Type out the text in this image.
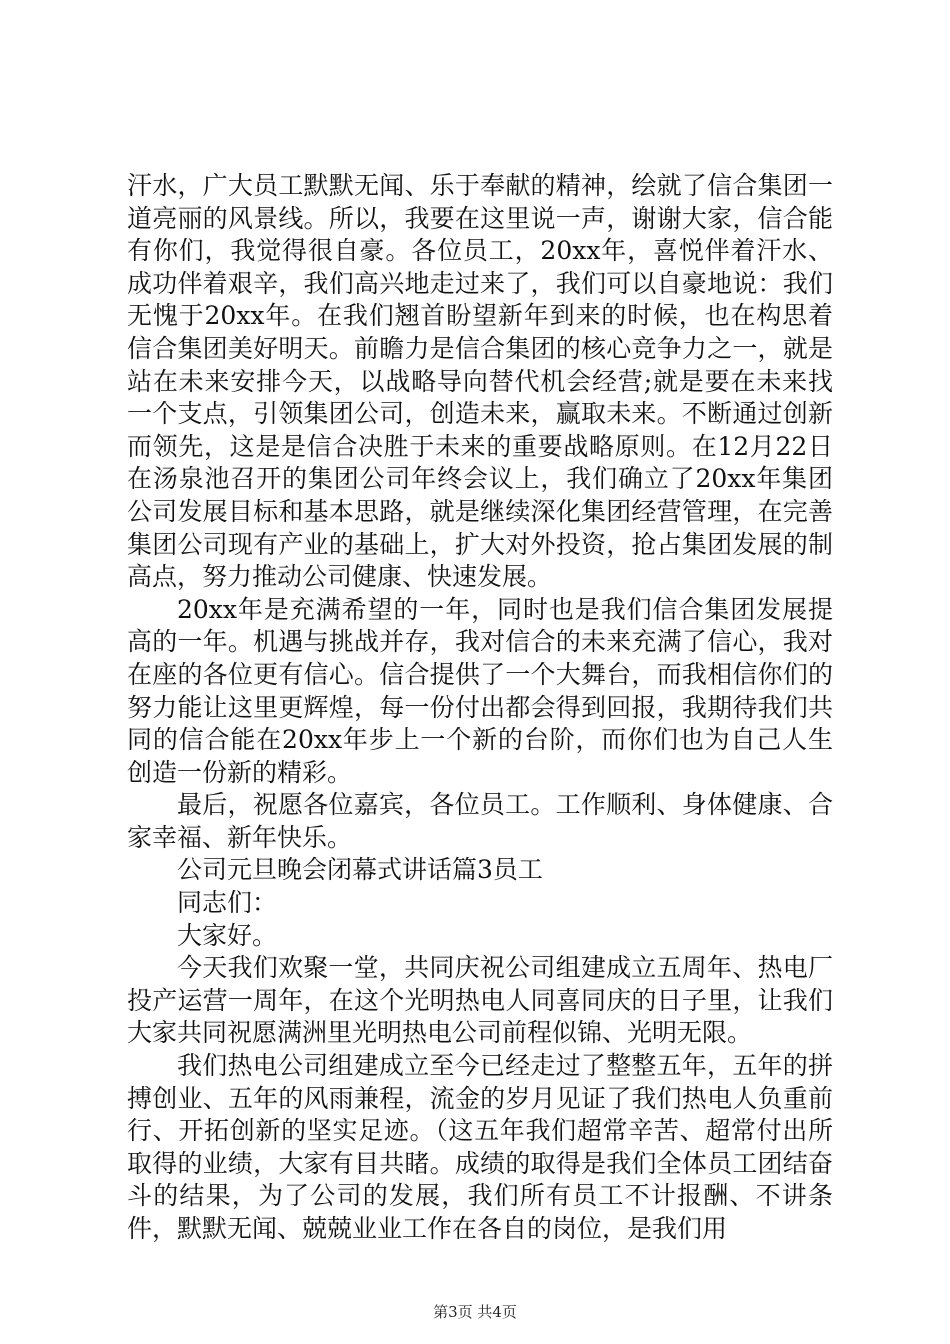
汗水，广大员工默默无闻、乐于奉献的精神，绘就了信合集团一道亮丽的风景线。所以，我要在这里说一声，谢谢大家，信合能有你们，我觉得很自豪。各位员工，20xx年，喜悦伴着汗水、成功伴着艰辛，我们高兴地走过来了，我们可以自豪地说：我们无愧于20xx年。在我们翘首盼望新年到来的时候，也在构思着信合集团美好明天。前瞻力是信合集团的核心竞争力之一，就是站在未来安排今天，以战略导向替代机会经营;就是要在未来找一个支点，引领集团公司，创造未来，赢取未来。不断通过创新而领先，这是是信合决胜于未来的重要战略原则。在12月22日在汤泉池召开的集团公司年终会议上，我们确立了20xx年集团公司发展目标和基本思路，就是继续深化集团经营管理，在完善集团公司现有产业的基础上，扩大对外投资，抢占集团发展的制高点，努力推动公司健康、快速发展。

20xx年是充满希望的一年，同时也是我们信合集团发展提高的一年。机遇与挑战并存，我对信合的未来充满了信心，我对在座的各位更有信心。信合提供了一个大舞台，而我相信你们的努力能让这里更辉煌，每一份付出都会得到回报，我期待我们共同的信合能在20xx年步上一个新的台阶，而你们也为自己人生创造一份新的精彩。

最后，祝愿各位嘉宾，各位员工。工作顺利、身体健康、合家幸福、新年快乐。

公司元旦晚会闭幕式讲话篇3员工

同志们：

大家好。

今天我们欢聚一堂，共同庆祝公司组建成立五周年、热电厂投产运营一周年，在这个光明热电人同喜同庆的日子里，让我们大家共同祝愿满洲里光明热电公司前程似锦、光明无限。

我们热电公司组建成立至今已经走过了整整五年，五年的拼搏创业、五年的风雨兼程，流金的岁月见证了我们热电人负重前行、开拓创新的坚实足迹。（这五年我们超常辛苦、超常付出所取得的业绩，大家有目共睹。成绩的取得是我们全体员工团结奋斗的结果，为了公司的发展，我们所有员工不计报酬、不讲条件，默默无闻、兢兢业业工作在各自的岗位，是我们用

第3页 共4页
